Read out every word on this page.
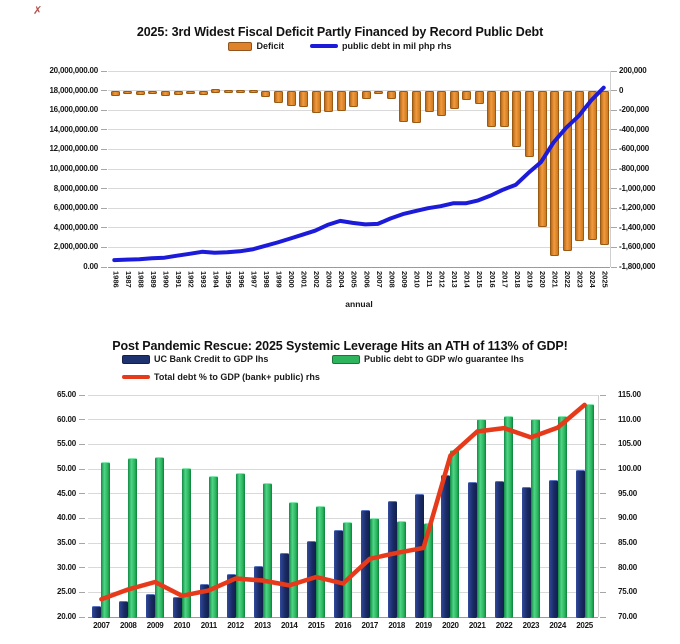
✗
2025: 3rd Widest Fiscal Deficit Partly Financed by Record Public Debt
Deficit	public debt in mil php rhs
annual
Post Pandemic Rescue: 2025 Systemic Leverage Hits an ATH of 113% of GDP!
UC Bank Credit to GDP lhs	Public debt to GDP w/o guarantee lhs
Total debt % to GDP (bank+ public) rhs
20,000,000.00	200,000
18,000,000.00	0
16,000,000.00	-200,000
14,000,000.00	-400,000
12,000,000.00	-600,000
10,000,000.00	-800,000
8,000,000.00	-1,000,000
6,000,000.00	-1,200,000
4,000,000.00	-1,400,000
2,000,000.00	-1,600,000
0.00	-1,800,000
1986 1987 1988 1989 1990 1991 1992 1993 1994 1995 1996 1997 1998 1999 2000 2001 2002 2003 2004 2005 2006 2007 2008 2009 2010 2011 2012 2013 2014 2015 2016 2017 2018 2019 2020 2021 2022 2023 2024 2025
65.00	115.00
60.00	110.00
55.00	105.00
50.00	100.00
45.00	95.00
40.00	90.00
35.00	85.00
30.00	80.00
25.00	75.00
20.00	70.00
2007	2008	2009	2010	2011	2012	2013	2014	2015	2016	2017	2018	2019	2020	2021	2022	2023	2024	2025
